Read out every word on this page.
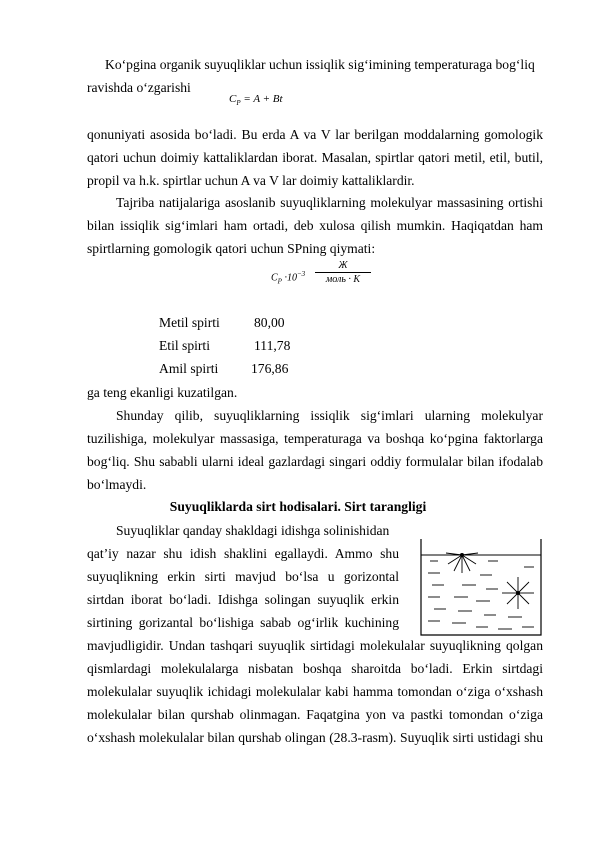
Ko‘pgina organik suyuqliklar uchun issiqlik sig‘imining temperaturaga bog‘liq
ravishda o‘zgarishi
$C_P = A + Bt$
qonuniyati asosida bo‘ladi. Bu erda A va V lar berilgan moddalarning gomologik
qatori uchun doimiy kattaliklardan iborat. Masalan, spirtlar qatori metil, etil, butil,
propil va h.k. spirtlar uchun A va V lar doimiy kattaliklardir.
Tajriba natijalariga asoslanib suyuqliklarning molekulyar massasining ortishi
bilan issiqlik sig‘imlari ham ortadi, deb xulosa qilish mumkin. Haqiqatdan ham
spirtlarning gomologik qatori uchun SPning qiymati:
$C_P \cdot 10^{-3}$
Ж
моль · K
Metil spirti	80,00
Etil spirti	111,78
Amil spirti 176,86
ga teng ekanligi kuzatilgan.
Shunday qilib, suyuqliklarning issiqlik sig‘imlari ularning molekulyar
tuzilishiga, molekulyar massasiga, temperaturaga va boshqa ko‘pgina faktorlarga
bog‘liq. Shu sababli ularni ideal gazlardagi singari oddiy formulalar bilan ifodalab
bo‘lmaydi.
Suyuqliklarda sirt hodisalari. Sirt tarangligi
Suyuqliklar qanday shakldagi idishga solinishidan
qat’iy nazar shu idish shaklini egallaydi. Ammo shu
suyuqlikning erkin sirti mavjud bo‘lsa u gorizontal
sirtdan iborat bo‘ladi. Idishga solingan suyuqlik erkin
sirtining gorizantal bo‘lishiga sabab og‘irlik kuchining
mavjudligidir. Undan tashqari suyuqlik sirtidagi molekulalar suyuqlikning qolgan
qismlardagi molekulalarga nisbatan boshqa sharoitda bo‘ladi. Erkin sirtdagi
molekulalar suyuqlik ichidagi molekulalar kabi hamma tomondan o‘ziga o‘xshash
molekulalar bilan qurshab olinmagan. Faqatgina yon va pastki tomondan o‘ziga
o‘xshash molekulalar bilan qurshab olingan (28.3-rasm). Suyuqlik sirti ustidagi shu
